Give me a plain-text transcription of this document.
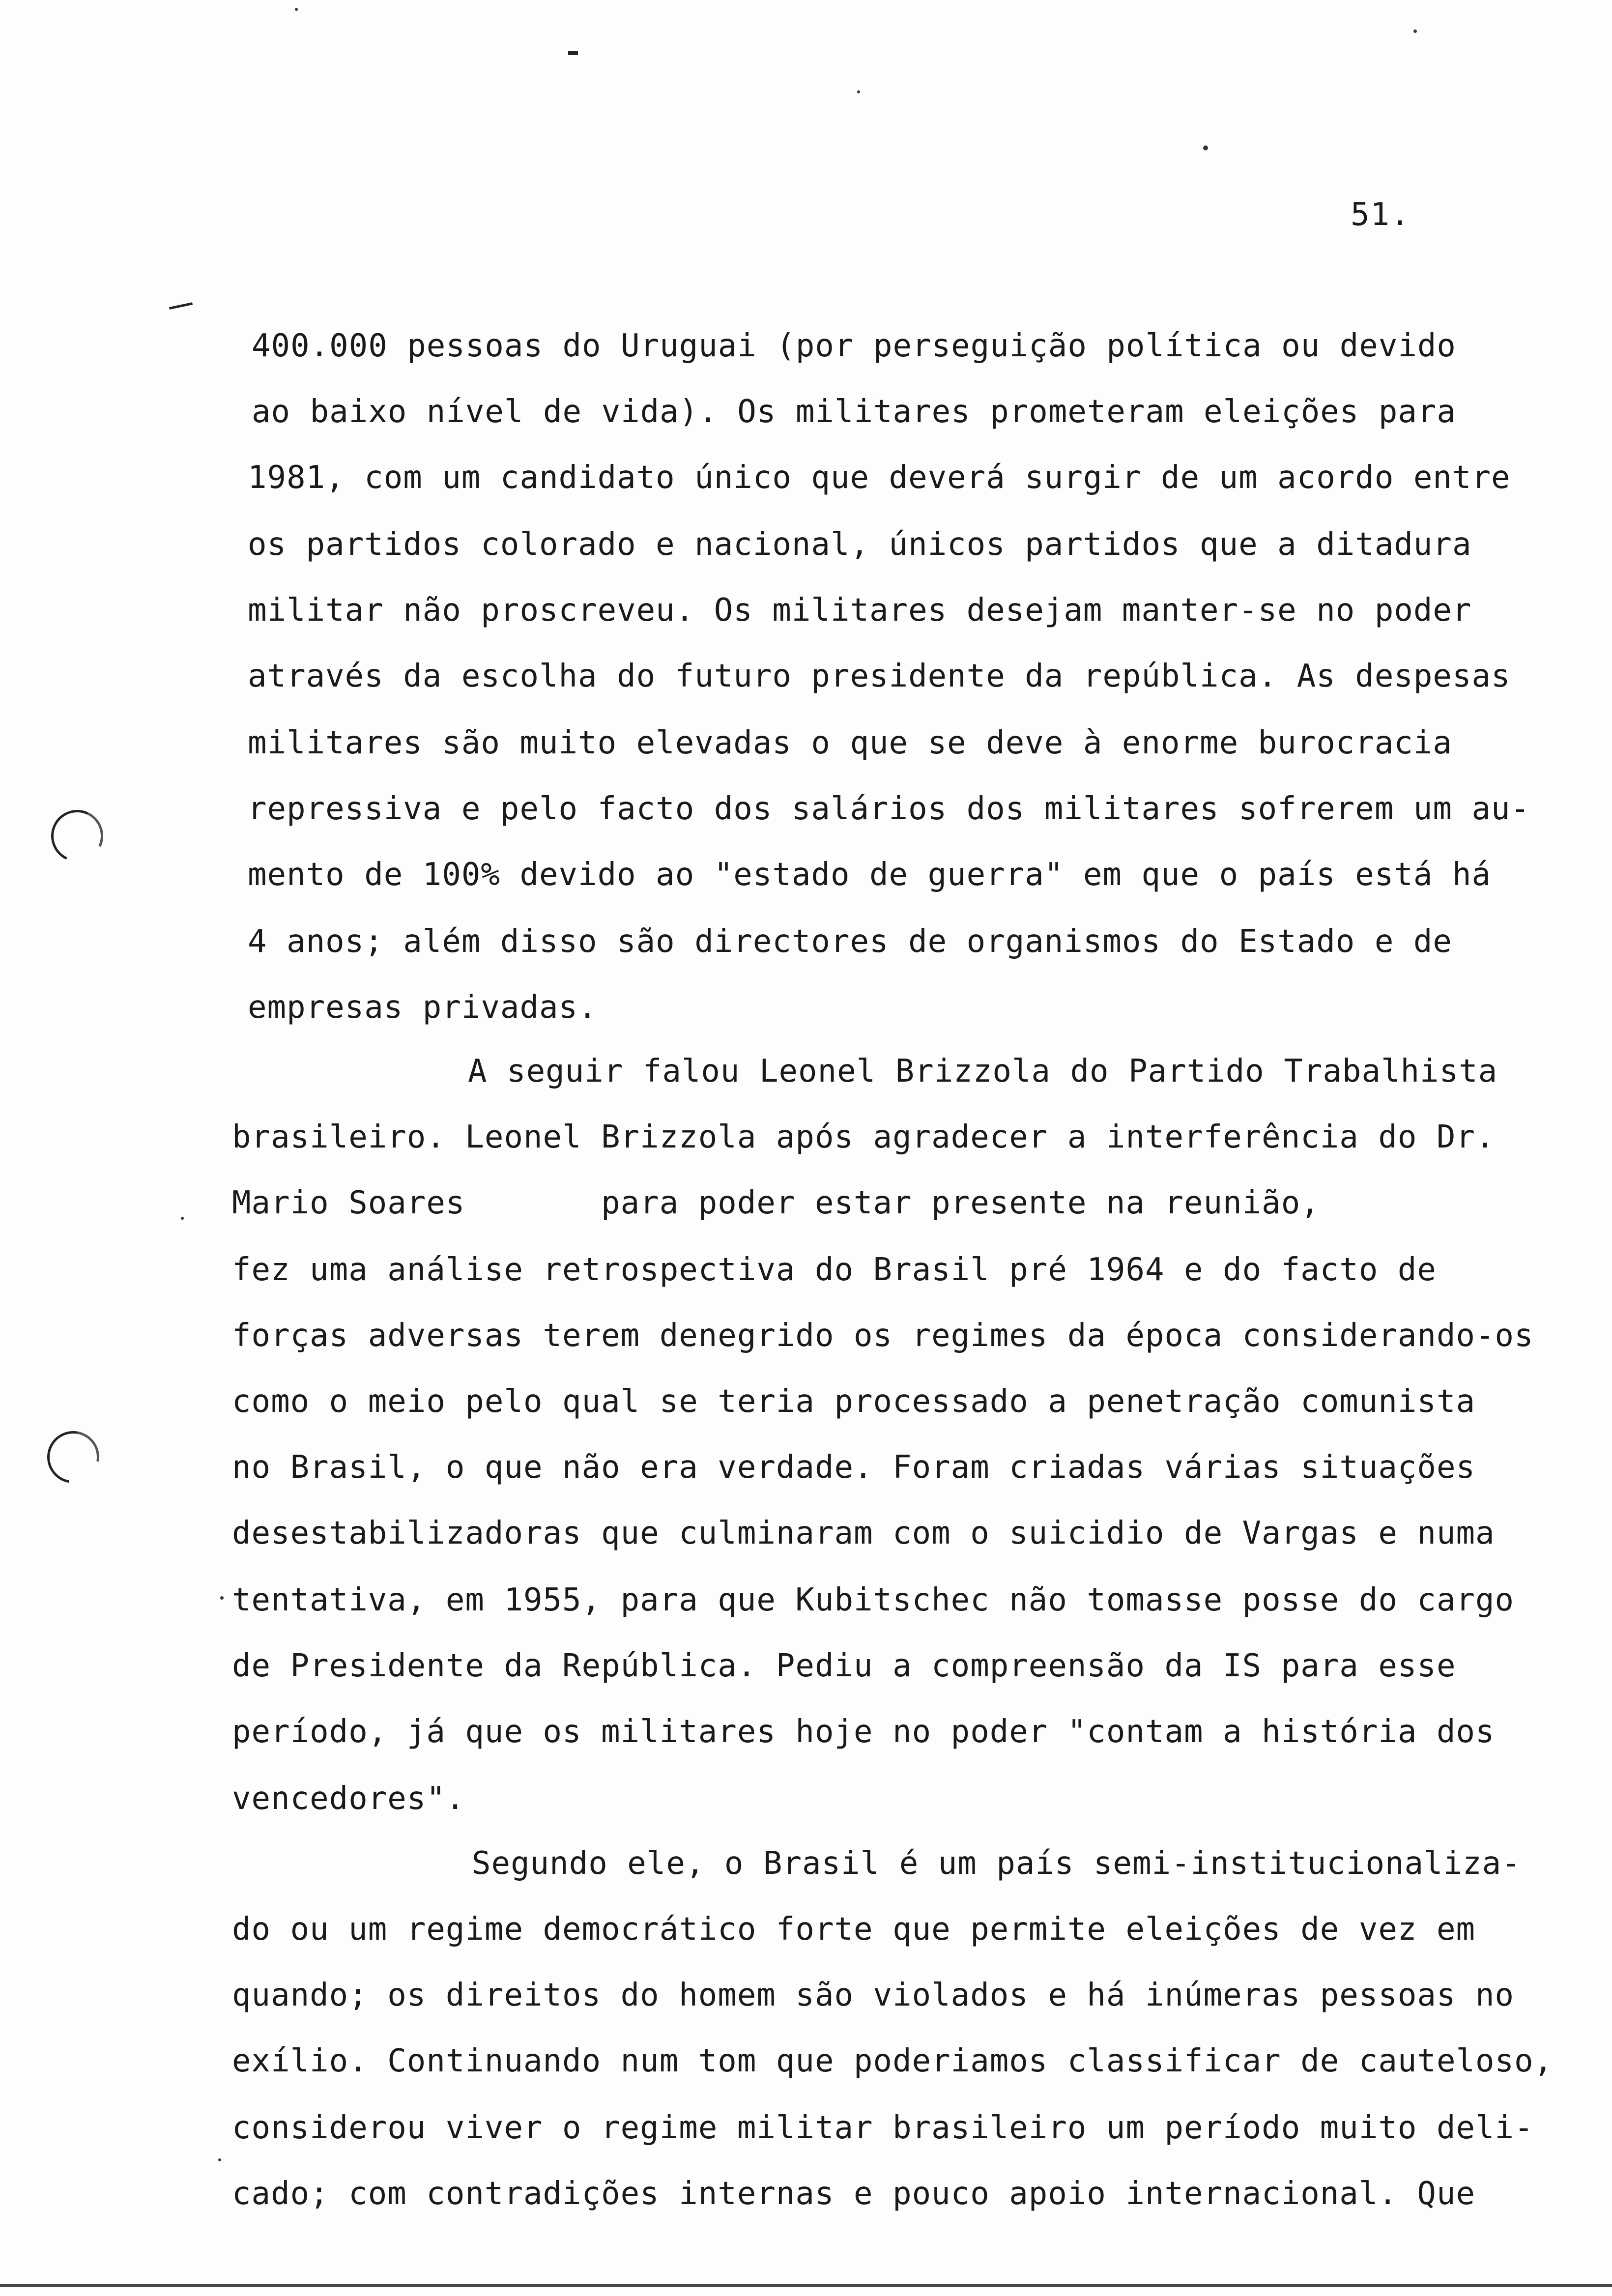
51.
400.000 pessoas do Uruguai (por perseguição política ou devido
ao baixo nível de vida). Os militares prometeram eleições para
1981, com um candidato único que deverá surgir de um acordo entre
os partidos colorado e nacional, únicos partidos que a ditadura
militar não proscreveu. Os militares desejam manter-se no poder
através da escolha do futuro presidente da república. As despesas
militares são muito elevadas o que se deve à enorme burocracia
repressiva e pelo facto dos salários dos militares sofrerem um au-
mento de 100% devido ao "estado de guerra" em que o país está há
4 anos; além disso são directores de organismos do Estado e de
empresas privadas.
A seguir falou Leonel Brizzola do Partido Trabalhista
brasileiro. Leonel Brizzola após agradecer a interferência do Dr.
Mario Soares       para poder estar presente na reunião,
fez uma análise retrospectiva do Brasil pré 1964 e do facto de
forças adversas terem denegrido os regimes da época considerando-os
como o meio pelo qual se teria processado a penetração comunista
no Brasil, o que não era verdade. Foram criadas várias situações
desestabilizadoras que culminaram com o suicidio de Vargas e numa
tentativa, em 1955, para que Kubitschec não tomasse posse do cargo
de Presidente da República. Pediu a compreensão da IS para esse
período, já que os militares hoje no poder "contam a história dos
vencedores".
Segundo ele, o Brasil é um país semi-institucionaliza-
do ou um regime democrático forte que permite eleições de vez em
quando; os direitos do homem são violados e há inúmeras pessoas no
exílio. Continuando num tom que poderiamos classificar de cauteloso,
considerou viver o regime militar brasileiro um período muito deli-
cado; com contradições internas e pouco apoio internacional. Que
